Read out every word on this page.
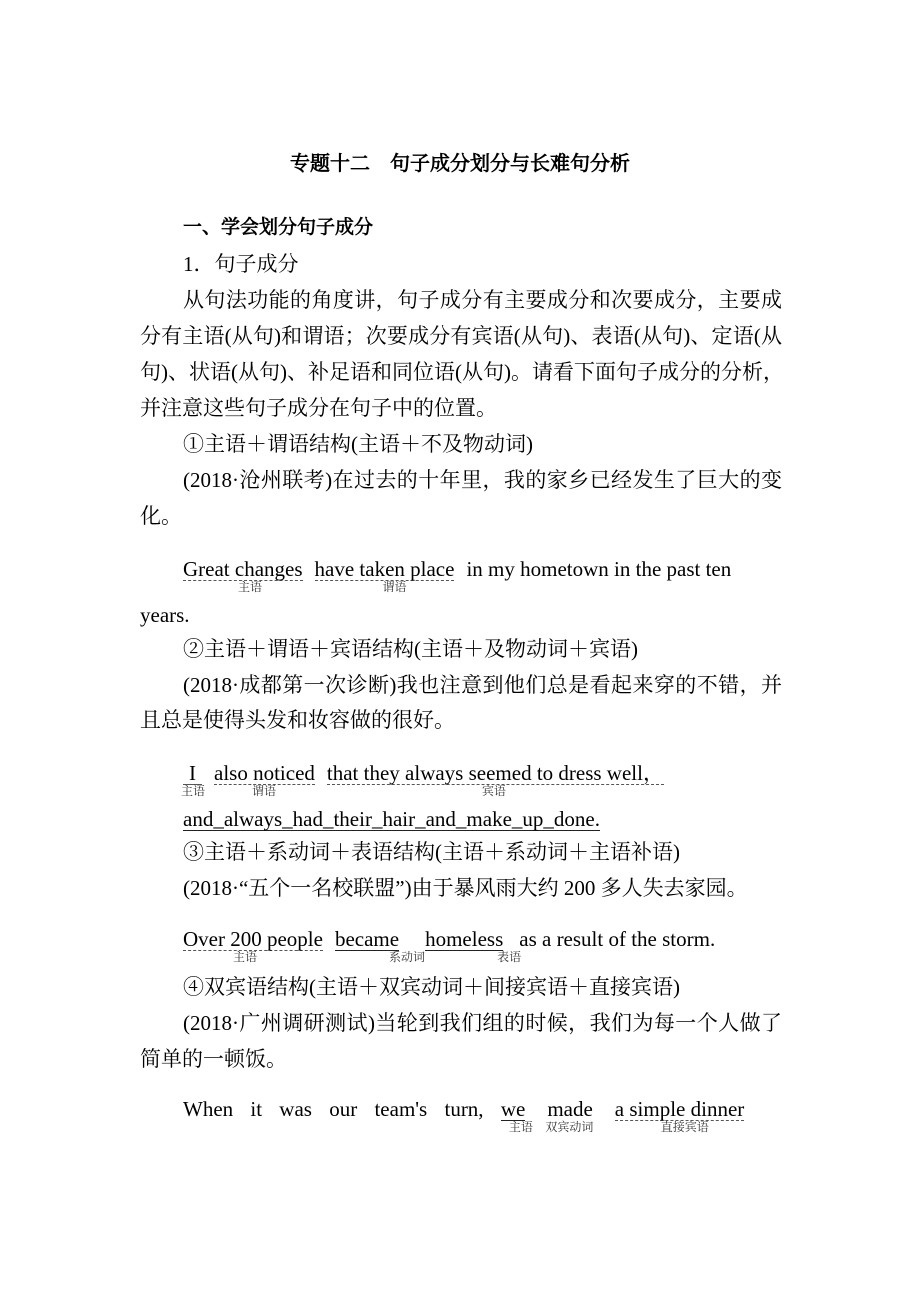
专题十二　句子成分划分与长难句分析
一、学会划分句子成分
1．句子成分
从句法功能的角度讲，句子成分有主要成分和次要成分，主要成
分有主语(从句)和谓语；次要成分有宾语(从句)、表语(从句)、定语(从
句)、状语(从句)、补足语和同位语(从句)。请看下面句子成分的分析，
并注意这些句子成分在句子中的位置。
①主语＋谓语结构(主语＋不及物动词)
(2018·沧州联考)在过去的十年里，我的家乡已经发生了巨大的变
化。
Great changes
主语
have taken place
谓语
in my hometown in the past ten
years.
②主语＋谓语＋宾语结构(主语＋及物动词＋宾语)
(2018·成都第一次诊断)我也注意到他们总是看起来穿的不错，并
且总是使得头发和妆容做的很好。
I
主语
also noticed
谓语
that they always seemed to dress well，
宾语
and_always_had_their_hair_and_make_up_done.
③主语＋系动词＋表语结构(主语＋系动词＋主语补语)
(2018·“五个一名校联盟”)由于暴风雨大约 200 多人失去家园。
Over 200 people
主语
became
系动词
homeless
表语
as a result of the storm.
④双宾语结构(主语＋双宾动词＋间接宾语＋直接宾语)
(2018·广州调研测试)当轮到我们组的时候，我们为每一个人做了
简单的一顿饭。
When it was our team's turn, we
主语
made
双宾动词
a simple dinner
直接宾语
